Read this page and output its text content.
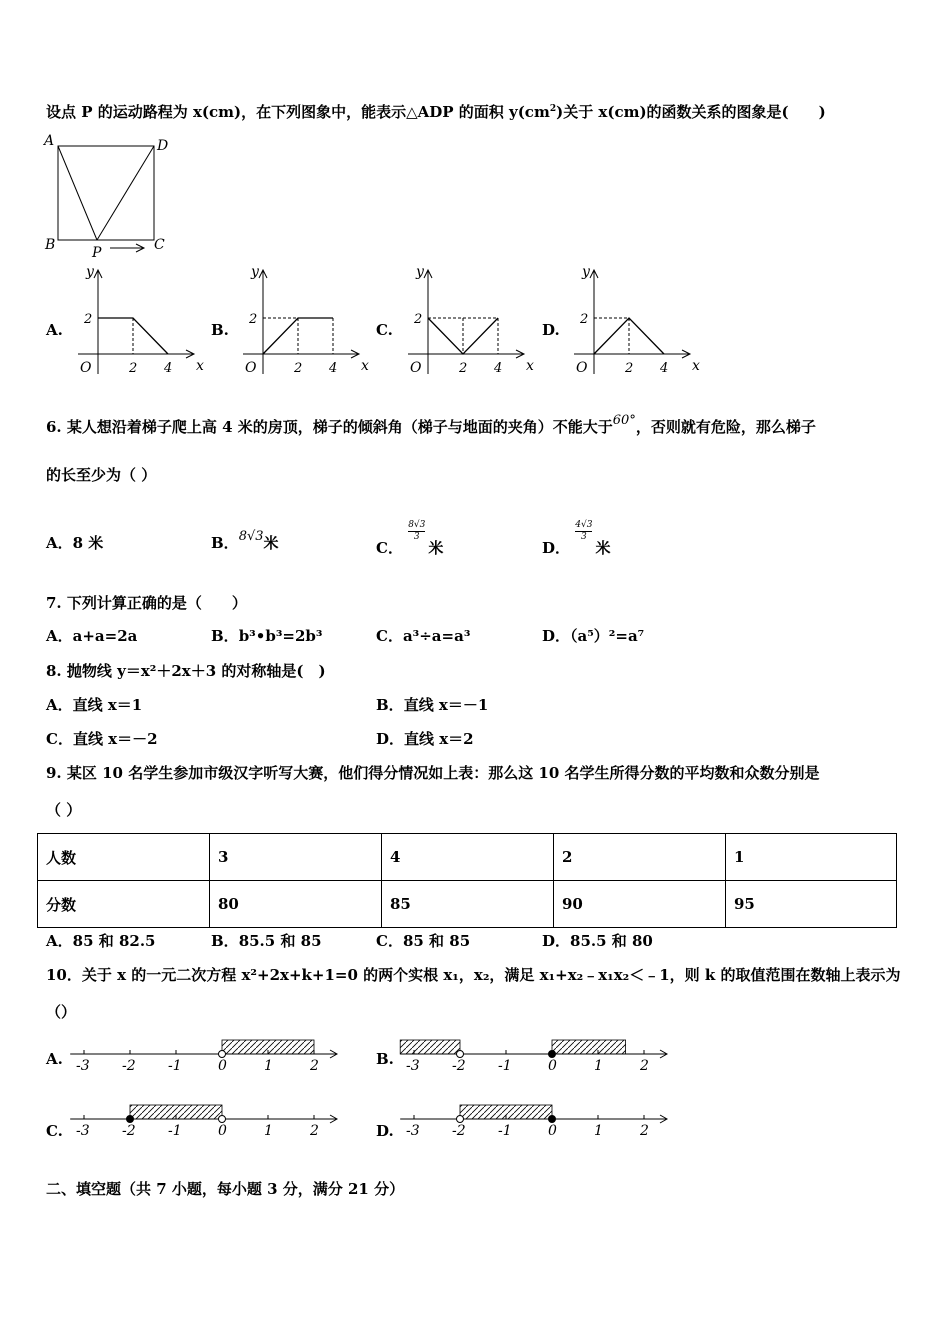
设点 P 的运动路程为 x(cm)，在下列图象中，能表示△ADP 的面积 $y(cm^2)$关于 x(cm)的函数关系的图象是(　　)
A	D
B	C
P
A.
y
x
O
2
2 4
B.
y
x
O
2
2 4
C.
y
x
O
2
2 4
D.
y
x
O
2
2 4
6. 某人想沿着梯子爬上高 4 米的房顶，梯子的倾斜角（梯子与地面的夹角）不能大于60°，否则就有危险，那么梯子
的长至少为（ ）
A．8 米	B．8√3米	C．
$\frac{8√3}{3}$
米	D．
$\frac{4√3}{3}$
米
7. 下列计算正确的是（　　）
A．a+a=2a	B．b³•b³=2b³	C．a³÷a=a³	D．（a⁵）²=a⁷
8. 抛物线 y＝x²＋2x＋3 的对称轴是(　)
A．直线 x＝1	B．直线 x＝－1
C．直线 x＝－2	D．直线 x＝2
9. 某区 10 名学生参加市级汉字听写大赛，他们得分情况如上表：那么这 10 名学生所得分数的平均数和众数分别是
（ ）
人数	3	4	2	1
分数	80	85	90	95
A．85 和 82.5	B．85.5 和 85	C．85 和 85	D．85.5 和 80
10．关于 x 的一元二次方程 x²+2x+k+1=0 的两个实根 x₁，x₂，满足 x₁+x₂﹣x₁x₂＜﹣1，则 k 的取值范围在数轴上表示为
（）
A. -3 -2 -1	0	1	2	B. -3 -2 -1	0	1	2
C. -3 -2 -1	0	1	2	D. -3 -2 -1	0	1	2
二、填空题（共 7 小题，每小题 3 分，满分 21 分）
